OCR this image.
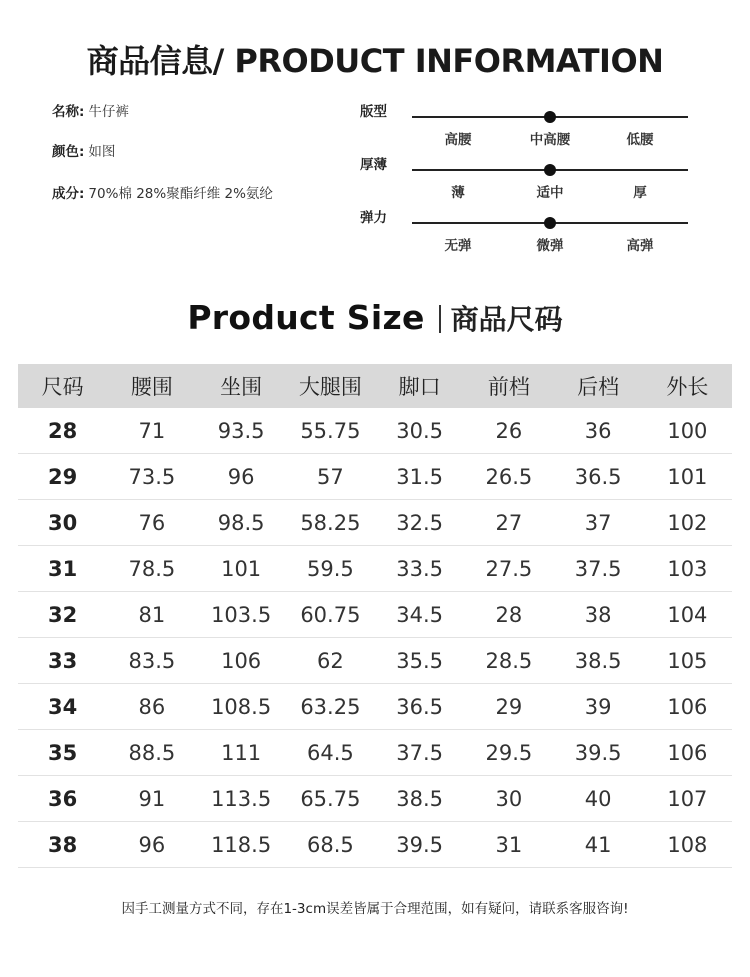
商品信息/ PRODUCT INFORMATION
名称: 牛仔裤
颜色: 如图
成分: 70%棉 28%聚酯纤维 2%氨纶
版型
高腰	中高腰	低腰
厚薄
薄	适中	厚
弹力
无弹	微弹	高弹
Product Size 商品尺码
尺码	腰围	坐围	大腿围	脚口	前档	后档	外长
28	71	93.5	55.75	30.5	26	36	100
29	73.5	96	57	31.5	26.5	36.5	101
30	76	98.5	58.25	32.5	27	37	102
31	78.5	101	59.5	33.5	27.5	37.5	103
32	81	103.5	60.75	34.5	28	38	104
33	83.5	106	62	35.5	28.5	38.5	105
34	86	108.5	63.25	36.5	29	39	106
35	88.5	111	64.5	37.5	29.5	39.5	106
36	91	113.5	65.75	38.5	30	40	107
38	96	118.5	68.5	39.5	31	41	108
因手工测量方式不同，存在1-3cm误差皆属于合理范围，如有疑问，请联系客服咨询!
